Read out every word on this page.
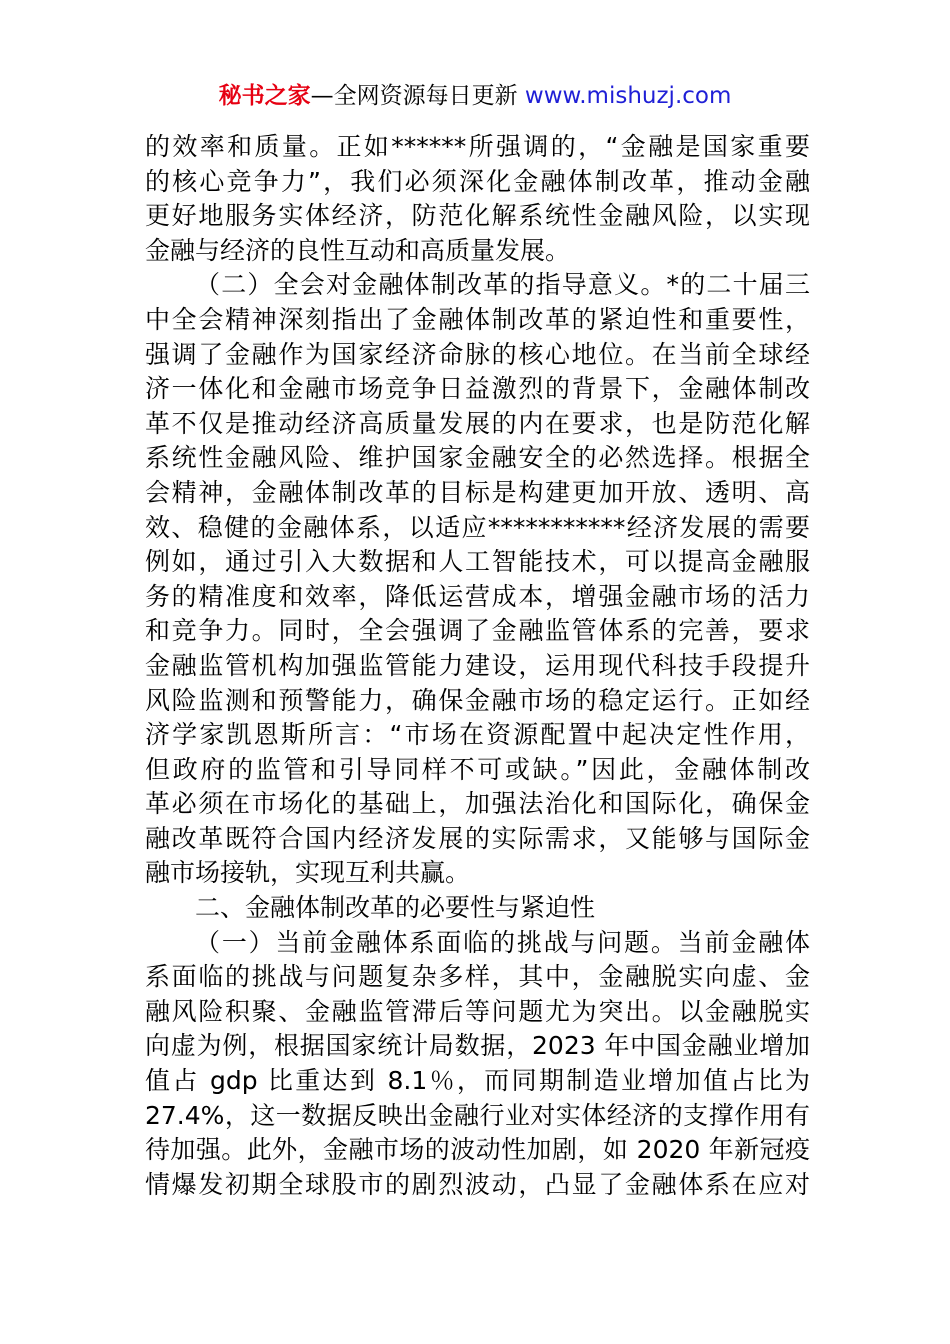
秘书之家—全网资源每日更新 www.mishuzj.com
的效率和质量。正如******所强调的，“金融是国家重要
的核心竞争力”，我们必须深化金融体制改革，推动金融
更好地服务实体经济，防范化解系统性金融风险，以实现
金融与经济的良性互动和高质量发展。
（二）全会对金融体制改革的指导意义。*的二十届三
中全会精神深刻指出了金融体制改革的紧迫性和重要性，
强调了金融作为国家经济命脉的核心地位。在当前全球经
济一体化和金融市场竞争日益激烈的背景下，金融体制改
革不仅是推动经济高质量发展的内在要求，也是防范化解
系统性金融风险、维护国家金融安全的必然选择。根据全
会精神，金融体制改革的目标是构建更加开放、透明、高
效、稳健的金融体系，以适应***********经济发展的需要
例如，通过引入大数据和人工智能技术，可以提高金融服
务的精准度和效率，降低运营成本，增强金融市场的活力
和竞争力。同时，全会强调了金融监管体系的完善，要求
金融监管机构加强监管能力建设，运用现代科技手段提升
风险监测和预警能力，确保金融市场的稳定运行。正如经
济学家凯恩斯所言：“市场在资源配置中起决定性作用，
但政府的监管和引导同样不可或缺。”因此，金融体制改
革必须在市场化的基础上，加强法治化和国际化，确保金
融改革既符合国内经济发展的实际需求，又能够与国际金
融市场接轨，实现互利共赢。
二、金融体制改革的必要性与紧迫性
（一）当前金融体系面临的挑战与问题。当前金融体
系面临的挑战与问题复杂多样，其中，金融脱实向虚、金
融风险积聚、金融监管滞后等问题尤为突出。以金融脱实
向虚为例，根据国家统计局数据，2023 年中国金融业增加
值占 gdp 比重达到 8.1％，而同期制造业增加值占比为
27.4%，这一数据反映出金融行业对实体经济的支撑作用有
待加强。此外，金融市场的波动性加剧，如 2020 年新冠疫
情爆发初期全球股市的剧烈波动，凸显了金融体系在应对
